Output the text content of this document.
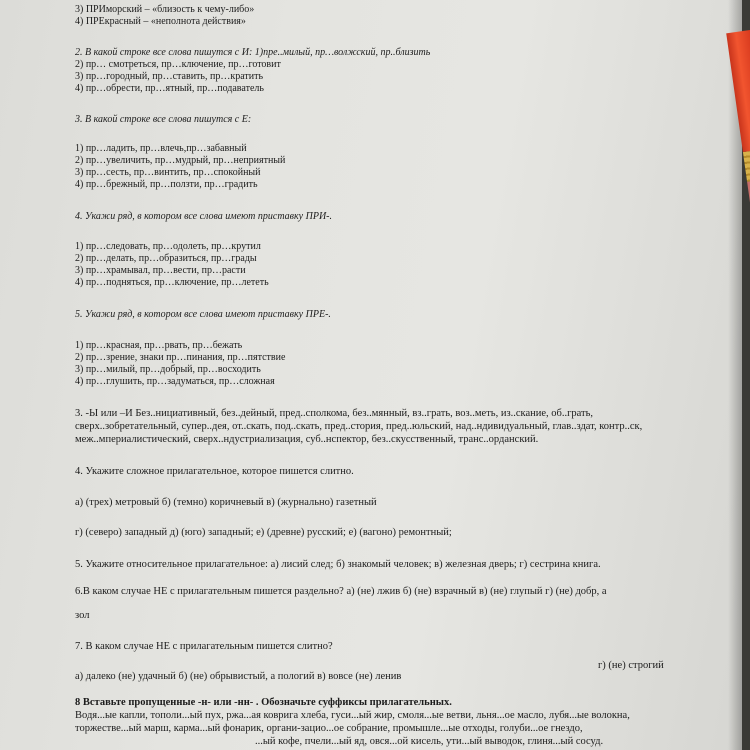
3) ПРИморский – «близость к чему-либо»
4) ПРЕкрасный – «неполнота действия»
2. В какой строке все слова пишутся с И: 1)пре..милый, пр…волжский, пр..близить
2) пр… смотреться, пр…ключение, пр…готовит
3) пр…городный, пр…ставить, пр…кратить
4) пр…обрести, пр…ятный, пр…подаватель
3. В какой строке все слова пишутся с Е:
1) пр…ладить, пр…влечь,пр…забавный
2) пр…увеличить, пр…мудрый, пр…неприятный
3) пр…сесть, пр…винтить, пр…спокойный
4) пр…брежный, пр…ползти, пр…градить
4. Укажи ряд, в котором все слова имеют приставку ПРИ-.
1) пр…следовать, пр…одолеть, пр…крутил
2) пр…делать, пр…образиться, пр…грады
3) пр…храмывал, пр…вести, пр…расти
4) пр…подняться, пр…ключение, пр…лететь
5. Укажи ряд, в котором все слова имеют приставку ПРЕ-.
1) пр…красная, пр…рвать, пр…бежать
2) пр…зрение, знаки пр…пинания, пр…пятствие
3) пр…милый, пр…добрый, пр…восходить
4) пр…глушить, пр…задуматься, пр…сложная
3. -Ы или –И Без..нициативный, без..дейный, пред..сполкома, без..мянный, вз..грать, воз..меть, из..скание, об..грать,
сверх..зобретательный, супер..дея, от..скать, под..скать, пред..стория, пред..юльский, над..ндивидуальный, глав..здат, контр..ск,
меж..мпериалистический, сверх..ндустриализация, суб..нспектор, без..скусственный, транс..орданский.
4. Укажите сложное прилагательное, которое пишется слитно.
а) (трех) метровый б) (темно) коричневый в) (журнально) газетный
г) (северо) западный д) (юго) западный; е) (древне) русский; е) (вагоно) ремонтный;
5. Укажите относительное прилагательное: а) лисий след; б) знакомый человек; в) железная дверь; г) сестрина книга.
6.В каком случае НЕ с прилагательным пишется раздельно? а) (не) лжив б) (не) взрачный в) (не) глупый г) (не) добр, а
зол
7. В каком случае НЕ с прилагательным пишется слитно?
г) (не) строгий
а) далеко (не) удачный б) (не) обрывистый, а пологий в) вовсе (не) ленив
8 Вставьте пропущенные -н- или -нн- . Обозначьте суффиксы прилагательных.
Водя...ые капли, тополи...ый пух, ржа...ая коврига хлеба, гуси...ый жир, смоля...ые ветви, льня...ое масло, лубя...ые волокна,
торжестве...ый марш, карма...ый фонарик, органи-зацио...ое собрание, промышле...ые отходы, голуби...ое гнездо,
...ый кофе, пчели...ый яд, овся...ой кисель, ути...ый выводок, глиня...ый сосуд.
